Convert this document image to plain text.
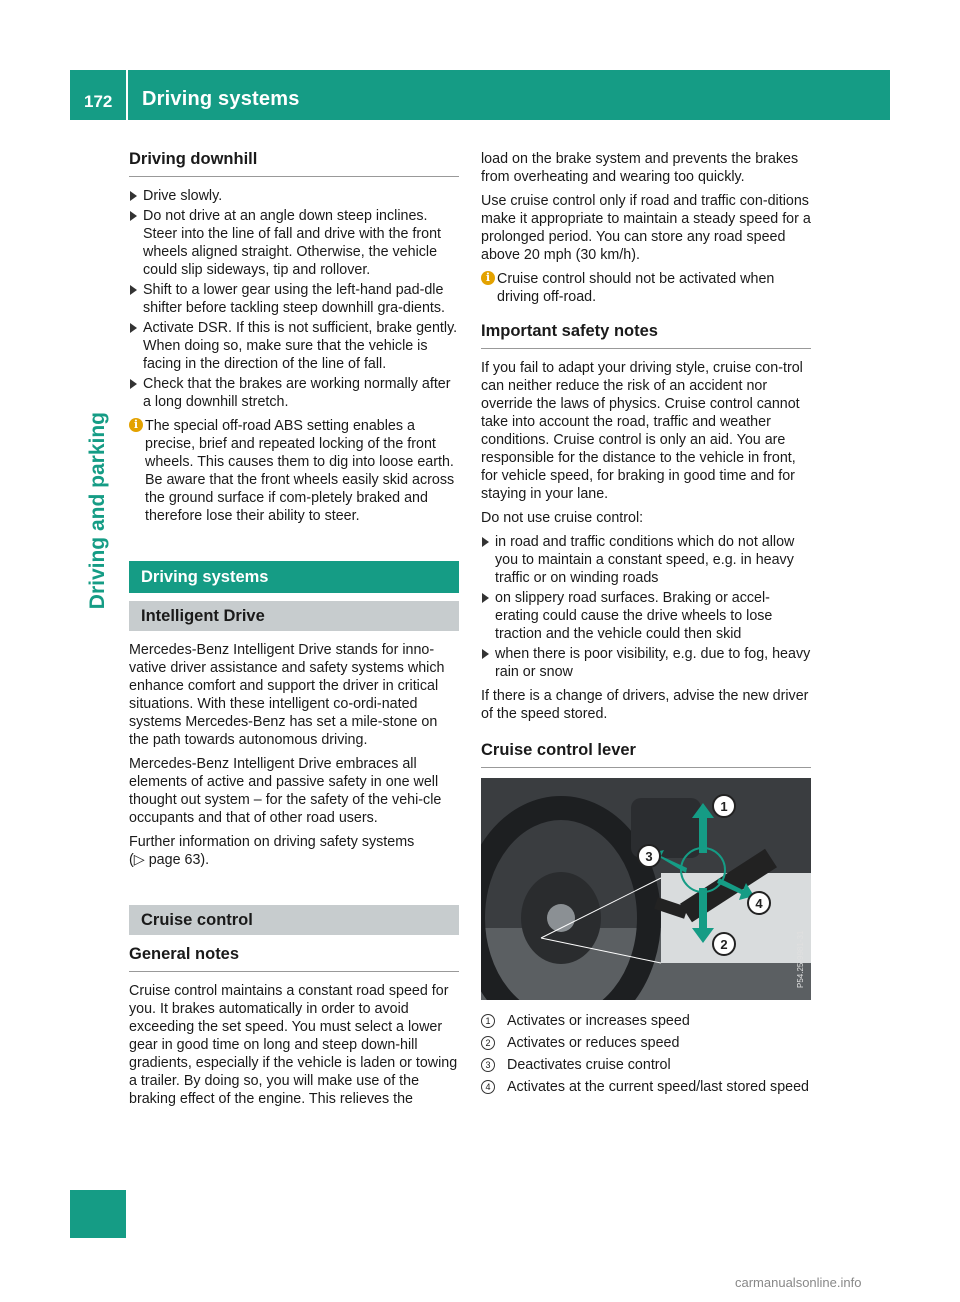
172 Driving systems
Driving and parking
Driving downhill
Drive slowly.
Do not drive at an angle down steep inclines. Steer into the line of fall and drive with the front wheels aligned straight. Otherwise, the vehicle could slip sideways, tip and rollover.
Shift to a lower gear using the left-hand pad-dle shifter before tackling steep downhill gra-dients.
Activate DSR. If this is not sufficient, brake gently. When doing so, make sure that the vehicle is facing in the direction of the line of fall.
Check that the brakes are working normally after a long downhill stretch.
i The special off-road ABS setting enables a precise, brief and repeated locking of the front wheels. This causes them to dig into loose earth. Be aware that the front wheels easily skid across the ground surface if com-pletely braked and therefore lose their ability to steer.
Driving systems
Intelligent Drive

Mercedes-Benz Intelligent Drive stands for inno-vative driver assistance and safety systems which enhance comfort and support the driver in critical situations. With these intelligent co-ordi-nated systems Mercedes-Benz has set a mile-stone on the path towards autonomous driving.

Mercedes-Benz Intelligent Drive embraces all elements of active and passive safety in one well thought out system – for the safety of the vehi-cle occupants and that of other road users.

Further information on driving safety systems
(▷ page 63).

Cruise control
General notes

Cruise control maintains a constant road speed for you. It brakes automatically in order to avoid exceeding the set speed. You must select a lower gear in good time on long and steep down-hill gradients, especially if the vehicle is laden or towing a trailer. By doing so, you will make use of the braking effect of the engine. This relieves the

load on the brake system and prevents the brakes from overheating and wearing too quickly.

Use cruise control only if road and traffic con-ditions make it appropriate to maintain a steady speed for a prolonged period. You can store any road speed above 20 mph (30 km/h).

i Cruise control should not be activated when driving off-road.
Important safety notes

If you fail to adapt your driving style, cruise con-trol can neither reduce the risk of an accident nor override the laws of physics. Cruise control cannot take into account the road, traffic and weather conditions. Cruise control is only an aid. You are responsible for the distance to the vehicle in front, for vehicle speed, for braking in good time and for staying in your lane.

Do not use cruise control:

in road and traffic conditions which do not allow you to maintain a constant speed, e.g. in heavy traffic or on winding roads
on slippery road surfaces. Braking or accel-erating could cause the drive wheels to lose traction and the vehicle could then skid
when there is poor visibility, e.g. due to fog, heavy rain or snow

If there is a change of drivers, advise the new driver of the speed stored.

Cruise control lever
1
2
3
4
P54.25-9981-31
1	Activates or increases speed
2	Activates or reduces speed
3	Deactivates cruise control
4	Activates at the current speed/last stored speed
carmanualsonline.info
